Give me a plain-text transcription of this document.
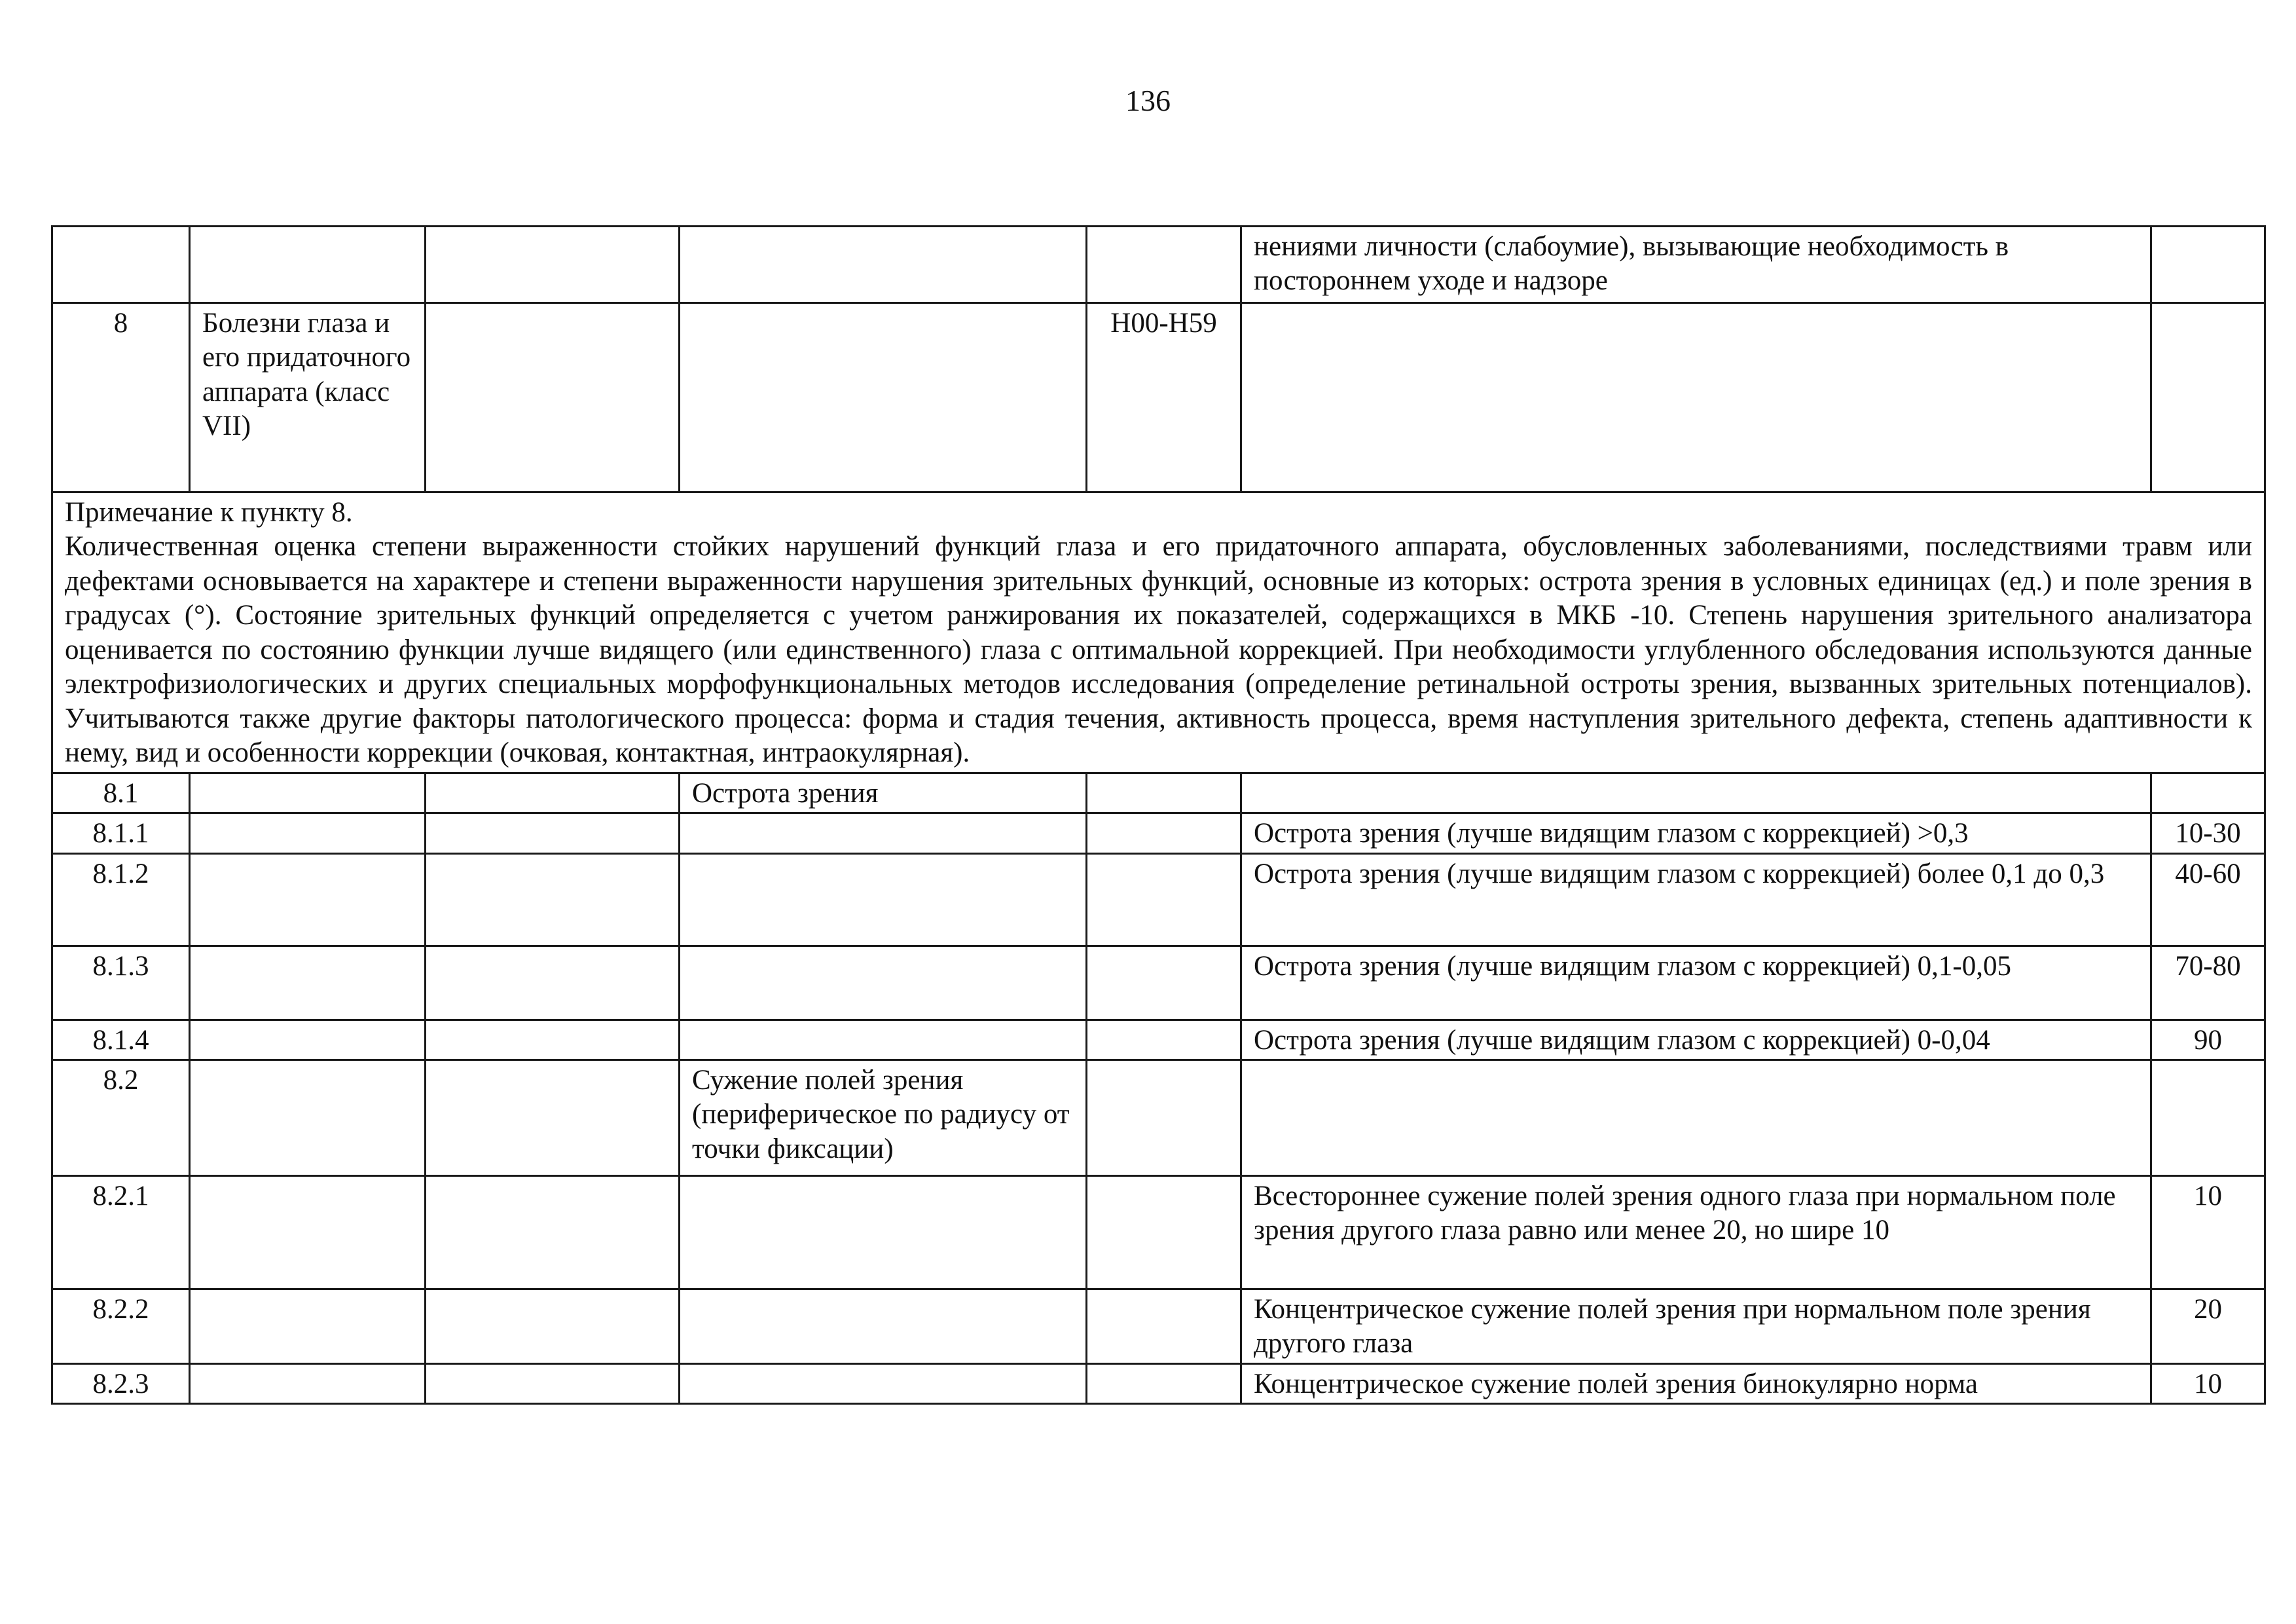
136
					нениями личности (слабоумие), вызывающие необходимость в постороннем уходе и надзоре	
8	Болезни глаза и его придаточного аппарата (класс VII)			H00-H59		

Примечание к пункту 8.
Количественная оценка степени выраженности стойких нарушений функций глаза и его придаточного аппарата, обусловленных заболеваниями, последствиями травм или дефектами основывается на характере и степени выраженности нарушения зрительных функций, основные из которых: острота зрения в условных единицах (ед.) и поле зрения в градусах (°). Состояние зрительных функций определяется с учетом ранжирования их показателей, содержащихся в МКБ -10. Степень нарушения зрительного анализатора оценивается по состоянию функции лучше видящего (или единственного) глаза с оптимальной коррекцией. При необходимости углубленного обследования используются данные электрофизиологических и других специальных морфофункциональных методов исследования (определение ретинальной остроты зрения, вызванных зрительных потенциалов). Учитываются также другие факторы патологического процесса: форма и стадия течения, активность процесса, время наступления зрительного дефекта, степень адаптивности к нему, вид и особенности коррекции (очковая, контактная, интраокулярная).						

8.1			Острота зрения			
8.1.1					Острота зрения (лучше видящим глазом с коррекцией) >0,3	10-30
8.1.2					Острота зрения (лучше видящим глазом с коррекцией) более 0,1 до 0,3	40-60
8.1.3					Острота зрения (лучше видящим глазом с коррекцией) 0,1-0,05	70-80
8.1.4					Острота зрения (лучше видящим глазом с коррекцией) 0-0,04	90
8.2			Сужение полей зрения (периферическое по радиусу от точки фиксации)			
8.2.1					Всестороннее сужение полей зрения одного глаза при нормальном поле зрения другого глаза равно или менее 20, но шире 10	10
8.2.2					Концентрическое сужение полей зрения при нормальном поле зрения другого глаза	20
8.2.3					Концентрическое сужение полей зрения бинокулярно норма	10
